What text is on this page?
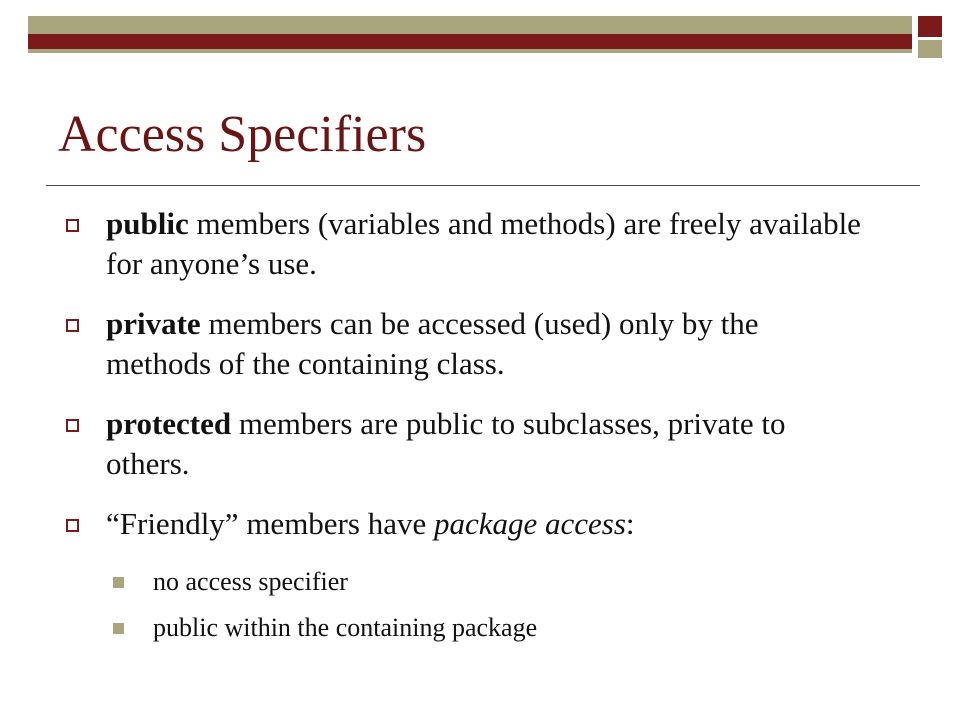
Access Specifiers
public members (variables and methods) are freely available for anyone’s use.
private members can be accessed (used) only by the methods of the containing class.
protected members are public to subclasses, private to others.
“Friendly” members have package access:
no access specifier
public within the containing package
